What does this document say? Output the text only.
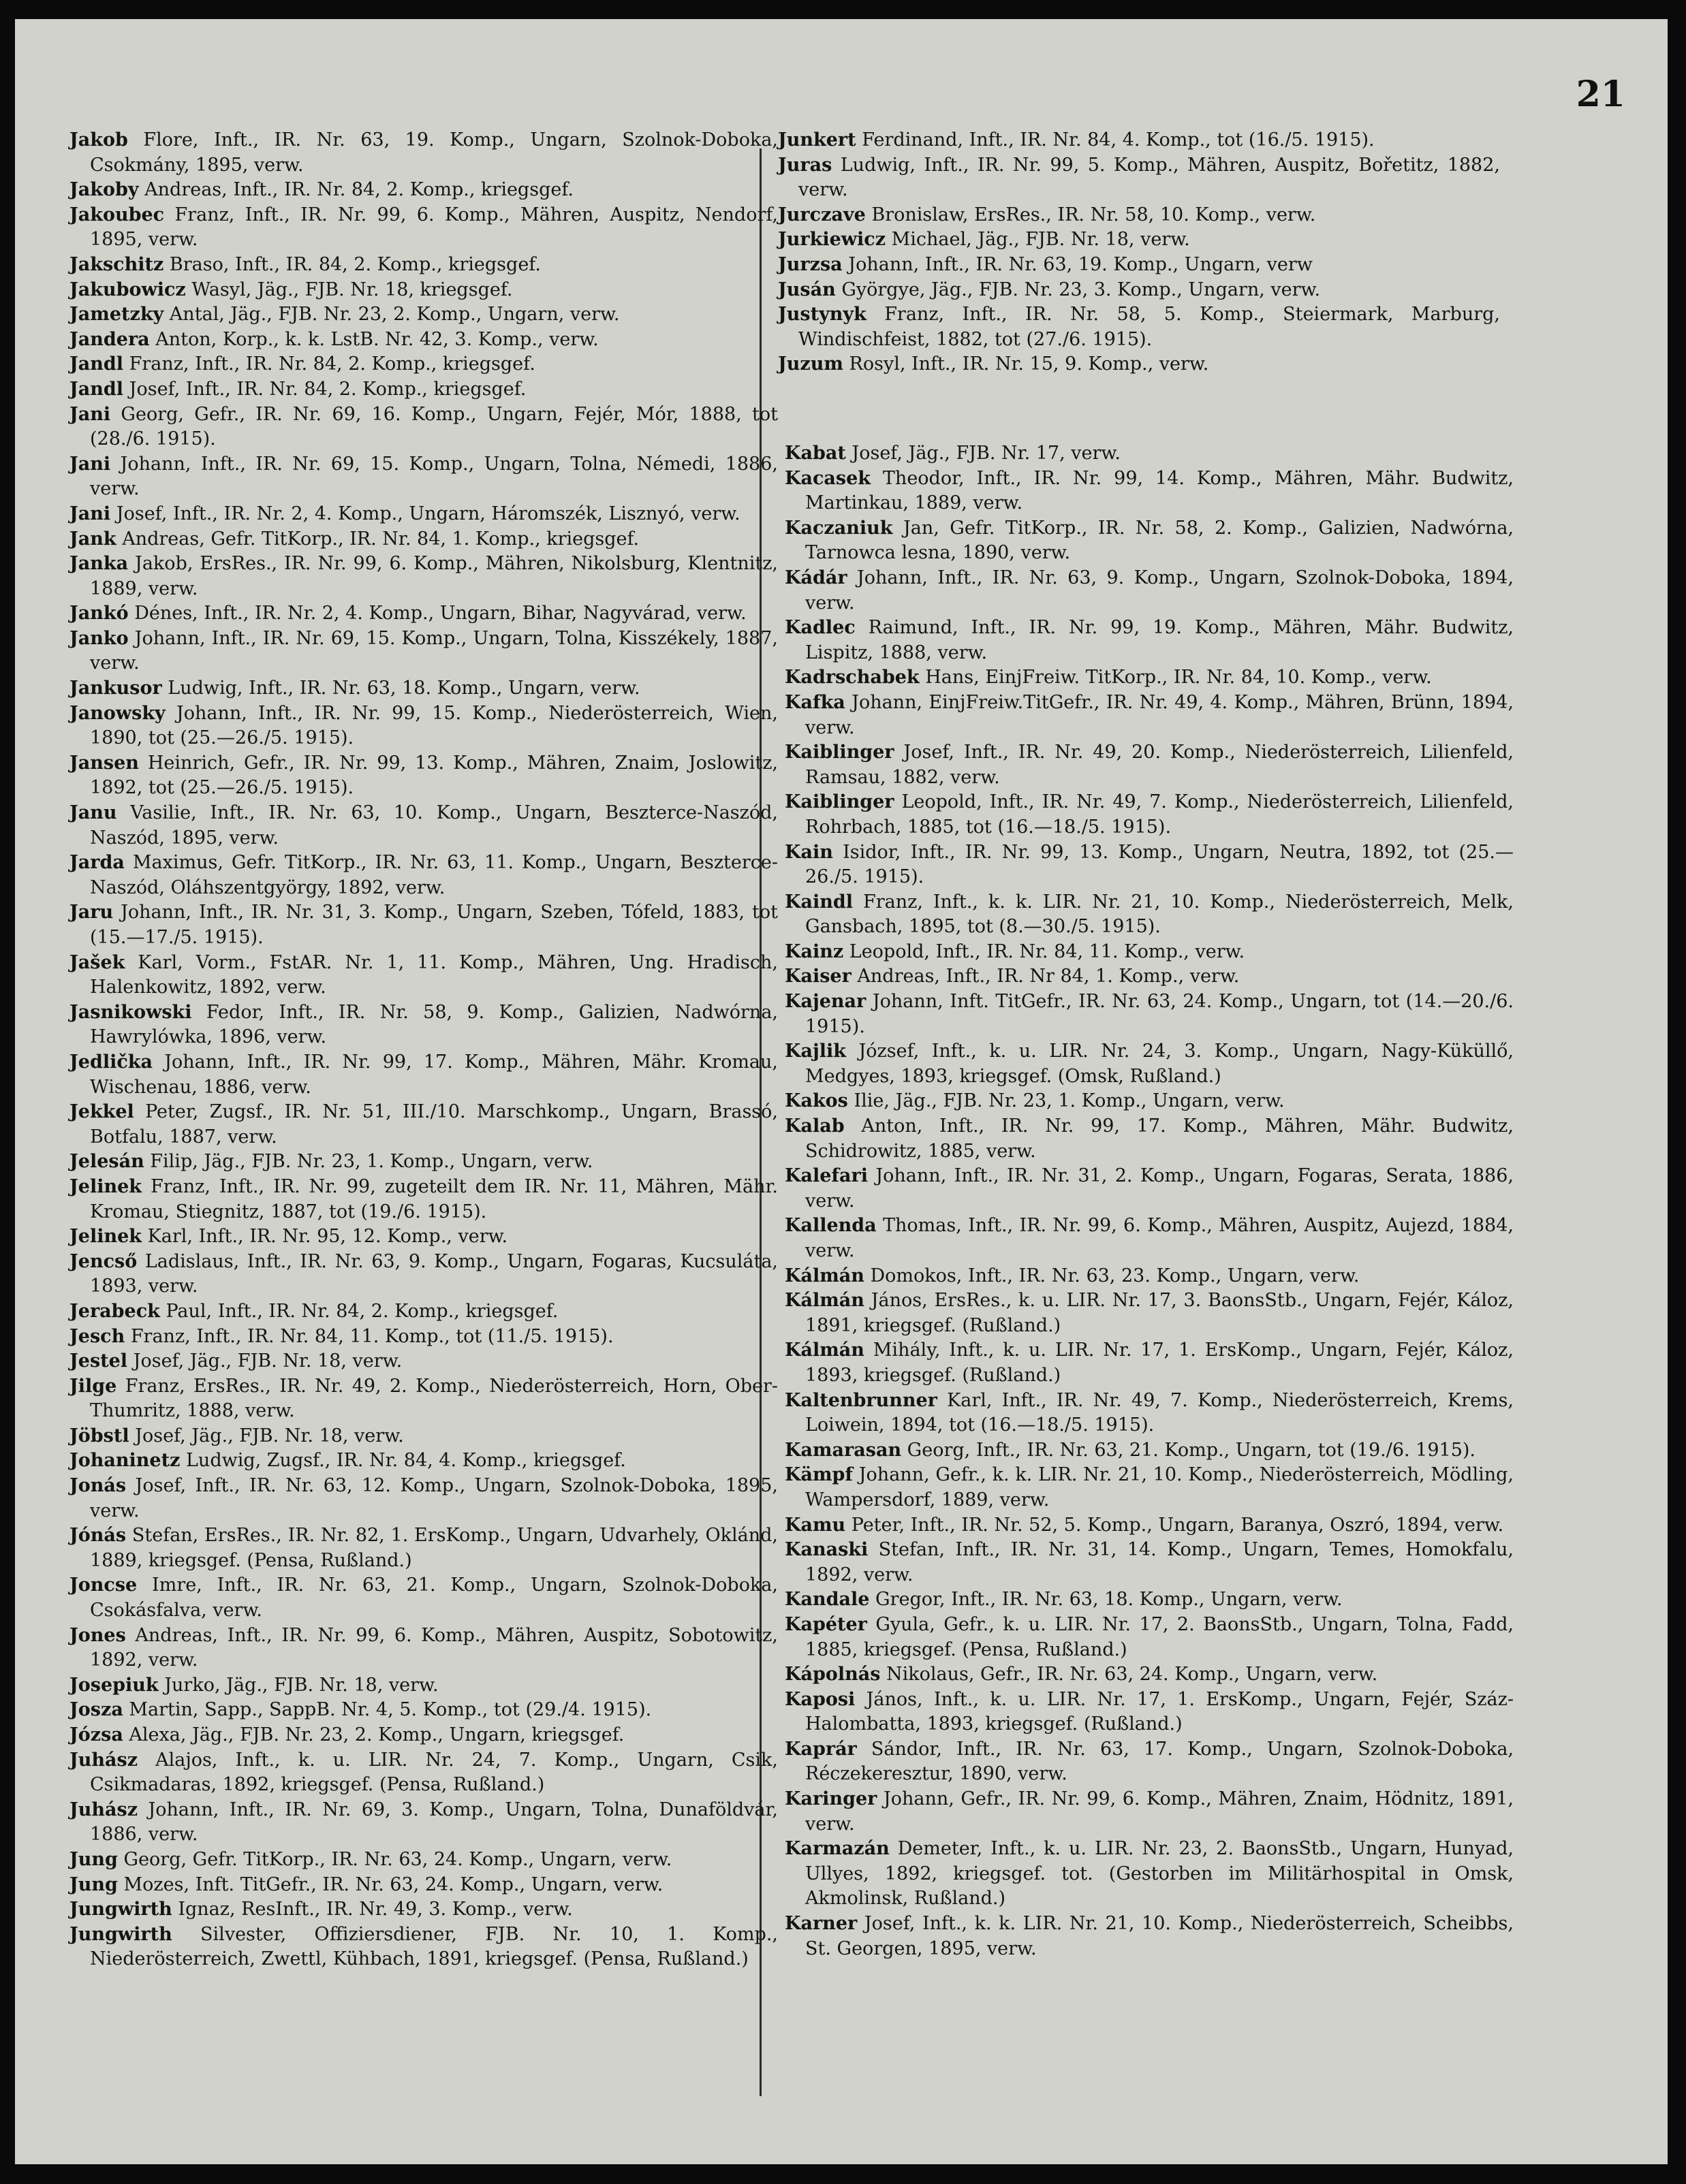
21

Jakob Flore, Inft., IR. Nr. 63, 19. Komp., Ungarn, Szolnok-Doboka, Csokmány, 1895, verw.

Jakoby Andreas, Inft., IR. Nr. 84, 2. Komp., kriegsgef.

Jakoubec Franz, Inft., IR. Nr. 99, 6. Komp., Mähren, Auspitz, Nendorf, 1895, verw.

Jakschitz Braso, Inft., IR. 84, 2. Komp., kriegsgef.

Jakubowicz Wasyl, Jäg., FJB. Nr. 18, kriegsgef.

Jametzky Antal, Jäg., FJB. Nr. 23, 2. Komp., Ungarn, verw.

Jandera Anton, Korp., k. k. LstB. Nr. 42, 3. Komp., verw.

Jandl Franz, Inft., IR. Nr. 84, 2. Komp., kriegsgef.

Jandl Josef, Inft., IR. Nr. 84, 2. Komp., kriegsgef.

Jani Georg, Gefr., IR. Nr. 69, 16. Komp., Ungarn, Fejér, Mór, 1888, tot (28./6. 1915).

Jani Johann, Inft., IR. Nr. 69, 15. Komp., Ungarn, Tolna, Némedi, 1886, verw.

Jani Josef, Inft., IR. Nr. 2, 4. Komp., Ungarn, Háromszék, Lisznyó, verw.

Jank Andreas, Gefr. TitKorp., IR. Nr. 84, 1. Komp., kriegsgef.

Janka Jakob, ErsRes., IR. Nr. 99, 6. Komp., Mähren, Nikolsburg, Klentnitz, 1889, verw.

Jankó Dénes, Inft., IR. Nr. 2, 4. Komp., Ungarn, Bihar, Nagyvárad, verw.

Janko Johann, Inft., IR. Nr. 69, 15. Komp., Ungarn, Tolna, Kisszékely, 1887, verw.

Jankusor Ludwig, Inft., IR. Nr. 63, 18. Komp., Ungarn, verw.

Janowsky Johann, Inft., IR. Nr. 99, 15. Komp., Niederösterreich, Wien, 1890, tot (25.—26./5. 1915).

Jansen Heinrich, Gefr., IR. Nr. 99, 13. Komp., Mähren, Znaim, Joslowitz, 1892, tot (25.—26./5. 1915).

Janu Vasilie, Inft., IR. Nr. 63, 10. Komp., Ungarn, Beszterce-Naszód, Naszód, 1895, verw.

Jarda Maximus, Gefr. TitKorp., IR. Nr. 63, 11. Komp., Ungarn, Beszterce-Naszód, Oláhszentgyörgy, 1892, verw.

Jaru Johann, Inft., IR. Nr. 31, 3. Komp., Ungarn, Szeben, Tófeld, 1883, tot (15.—17./5. 1915).

Jašek Karl, Vorm., FstAR. Nr. 1, 11. Komp., Mähren, Ung. Hradisch, Halenkowitz, 1892, verw.

Jasnikowski Fedor, Inft., IR. Nr. 58, 9. Komp., Galizien, Nadwórna, Hawrylówka, 1896, verw.

Jedlička Johann, Inft., IR. Nr. 99, 17. Komp., Mähren, Mähr. Kromau, Wischenau, 1886, verw.

Jekkel Peter, Zugsf., IR. Nr. 51, III./10. Marschkomp., Ungarn, Brassó, Botfalu, 1887, verw.

Jelesán Filip, Jäg., FJB. Nr. 23, 1. Komp., Ungarn, verw.

Jelinek Franz, Inft., IR. Nr. 99, zugeteilt dem IR. Nr. 11, Mähren, Mähr. Kromau, Stiegnitz, 1887, tot (19./6. 1915).

Jelinek Karl, Inft., IR. Nr. 95, 12. Komp., verw.

Jencső Ladislaus, Inft., IR. Nr. 63, 9. Komp., Ungarn, Fogaras, Kucsuláta, 1893, verw.

Jerabeck Paul, Inft., IR. Nr. 84, 2. Komp., kriegsgef.

Jesch Franz, Inft., IR. Nr. 84, 11. Komp., tot (11./5. 1915).

Jestel Josef, Jäg., FJB. Nr. 18, verw.

Jilge Franz, ErsRes., IR. Nr. 49, 2. Komp., Niederösterreich, Horn, Ober-Thumritz, 1888, verw.

Jöbstl Josef, Jäg., FJB. Nr. 18, verw.

Johaninetz Ludwig, Zugsf., IR. Nr. 84, 4. Komp., kriegsgef.

Jonás Josef, Inft., IR. Nr. 63, 12. Komp., Ungarn, Szolnok-Doboka, 1895, verw.

Jónás Stefan, ErsRes., IR. Nr. 82, 1. ErsKomp., Ungarn, Udvarhely, Oklánd, 1889, kriegsgef. (Pensa, Rußland.)

Joncse Imre, Inft., IR. Nr. 63, 21. Komp., Ungarn, Szolnok-Doboka, Csokásfalva, verw.

Jones Andreas, Inft., IR. Nr. 99, 6. Komp., Mähren, Auspitz, Sobotowitz, 1892, verw.

Josepiuk Jurko, Jäg., FJB. Nr. 18, verw.

Josza Martin, Sapp., SappB. Nr. 4, 5. Komp., tot (29./4. 1915).

Józsa Alexa, Jäg., FJB. Nr. 23, 2. Komp., Ungarn, kriegsgef.

Juhász Alajos, Inft., k. u. LIR. Nr. 24, 7. Komp., Ungarn, Csik, Csikmadaras, 1892, kriegsgef. (Pensa, Rußland.)

Juhász Johann, Inft., IR. Nr. 69, 3. Komp., Ungarn, Tolna, Dunaföldvár, 1886, verw.

Jung Georg, Gefr. TitKorp., IR. Nr. 63, 24. Komp., Ungarn, verw.

Jung Mozes, Inft. TitGefr., IR. Nr. 63, 24. Komp., Ungarn, verw.

Jungwirth Ignaz, ResInft., IR. Nr. 49, 3. Komp., verw.

Jungwirth Silvester, Offiziersdiener, FJB. Nr. 10, 1. Komp., Niederösterreich, Zwettl, Kühbach, 1891, kriegsgef. (Pensa, Rußland.)

Junkert Ferdinand, Inft., IR. Nr. 84, 4. Komp., tot (16./5. 1915).

Juras Ludwig, Inft., IR. Nr. 99, 5. Komp., Mähren, Auspitz, Bořetitz, 1882, verw.

Jurczave Bronislaw, ErsRes., IR. Nr. 58, 10. Komp., verw.

Jurkiewicz Michael, Jäg., FJB. Nr. 18, verw.

Jurzsa Johann, Inft., IR. Nr. 63, 19. Komp., Ungarn, verw

Jusán Györgye, Jäg., FJB. Nr. 23, 3. Komp., Ungarn, verw.

Justynyk Franz, Inft., IR. Nr. 58, 5. Komp., Steiermark, Marburg, Windischfeist, 1882, tot (27./6. 1915).

Juzum Rosyl, Inft., IR. Nr. 15, 9. Komp., verw.

Kabat Josef, Jäg., FJB. Nr. 17, verw.

Kacasek Theodor, Inft., IR. Nr. 99, 14. Komp., Mähren, Mähr. Budwitz, Martinkau, 1889, verw.

Kaczaniuk Jan, Gefr. TitKorp., IR. Nr. 58, 2. Komp., Galizien, Nadwórna, Tarnowca lesna, 1890, verw.

Kádár Johann, Inft., IR. Nr. 63, 9. Komp., Ungarn, Szolnok-Doboka, 1894, verw.

Kadlec Raimund, Inft., IR. Nr. 99, 19. Komp., Mähren, Mähr. Budwitz, Lispitz, 1888, verw.

Kadrschabek Hans, EinjFreiw. TitKorp., IR. Nr. 84, 10. Komp., verw.

Kafka Johann, EinjFreiw.TitGefr., IR. Nr. 49, 4. Komp., Mähren, Brünn, 1894, verw.

Kaiblinger Josef, Inft., IR. Nr. 49, 20. Komp., Niederösterreich, Lilienfeld, Ramsau, 1882, verw.

Kaiblinger Leopold, Inft., IR. Nr. 49, 7. Komp., Niederösterreich, Lilienfeld, Rohrbach, 1885, tot (16.—18./5. 1915).

Kain Isidor, Inft., IR. Nr. 99, 13. Komp., Ungarn, Neutra, 1892, tot (25.—26./5. 1915).

Kaindl Franz, Inft., k. k. LIR. Nr. 21, 10. Komp., Niederösterreich, Melk, Gansbach, 1895, tot (8.—30./5. 1915).

Kainz Leopold, Inft., IR. Nr. 84, 11. Komp., verw.

Kaiser Andreas, Inft., IR. Nr 84, 1. Komp., verw.

Kajenar Johann, Inft. TitGefr., IR. Nr. 63, 24. Komp., Ungarn, tot (14.—20./6. 1915).

Kajlik József, Inft., k. u. LIR. Nr. 24, 3. Komp., Ungarn, Nagy-Küküllő, Medgyes, 1893, kriegsgef. (Omsk, Rußland.)

Kakos Ilie, Jäg., FJB. Nr. 23, 1. Komp., Ungarn, verw.

Kalab Anton, Inft., IR. Nr. 99, 17. Komp., Mähren, Mähr. Budwitz, Schidrowitz, 1885, verw.

Kalefari Johann, Inft., IR. Nr. 31, 2. Komp., Ungarn, Fogaras, Serata, 1886, verw.

Kallenda Thomas, Inft., IR. Nr. 99, 6. Komp., Mähren, Auspitz, Aujezd, 1884, verw.

Kálmán Domokos, Inft., IR. Nr. 63, 23. Komp., Ungarn, verw.

Kálmán János, ErsRes., k. u. LIR. Nr. 17, 3. BaonsStb., Ungarn, Fejér, Káloz, 1891, kriegsgef. (Rußland.)

Kálmán Mihály, Inft., k. u. LIR. Nr. 17, 1. ErsKomp., Ungarn, Fejér, Káloz, 1893, kriegsgef. (Rußland.)

Kaltenbrunner Karl, Inft., IR. Nr. 49, 7. Komp., Niederösterreich, Krems, Loiwein, 1894, tot (16.—18./5. 1915).

Kamarasan Georg, Inft., IR. Nr. 63, 21. Komp., Ungarn, tot (19./6. 1915).

Kämpf Johann, Gefr., k. k. LIR. Nr. 21, 10. Komp., Niederösterreich, Mödling, Wampersdorf, 1889, verw.

Kamu Peter, Inft., IR. Nr. 52, 5. Komp., Ungarn, Baranya, Oszró, 1894, verw.

Kanaski Stefan, Inft., IR. Nr. 31, 14. Komp., Ungarn, Temes, Homokfalu, 1892, verw.

Kandale Gregor, Inft., IR. Nr. 63, 18. Komp., Ungarn, verw.

Kapéter Gyula, Gefr., k. u. LIR. Nr. 17, 2. BaonsStb., Ungarn, Tolna, Fadd, 1885, kriegsgef. (Pensa, Rußland.)

Kápolnás Nikolaus, Gefr., IR. Nr. 63, 24. Komp., Ungarn, verw.

Kaposi János, Inft., k. u. LIR. Nr. 17, 1. ErsKomp., Ungarn, Fejér, Száz-Halombatta, 1893, kriegsgef. (Rußland.)

Kaprár Sándor, Inft., IR. Nr. 63, 17. Komp., Ungarn, Szolnok-Doboka, Réczekeresztur, 1890, verw.

Karinger Johann, Gefr., IR. Nr. 99, 6. Komp., Mähren, Znaim, Hödnitz, 1891, verw.

Karmazán Demeter, Inft., k. u. LIR. Nr. 23, 2. BaonsStb., Ungarn, Hunyad, Ullyes, 1892, kriegsgef. tot. (Gestorben im Militärhospital in Omsk, Akmolinsk, Rußland.)

Karner Josef, Inft., k. k. LIR. Nr. 21, 10. Komp., Niederösterreich, Scheibbs, St. Georgen, 1895, verw.
